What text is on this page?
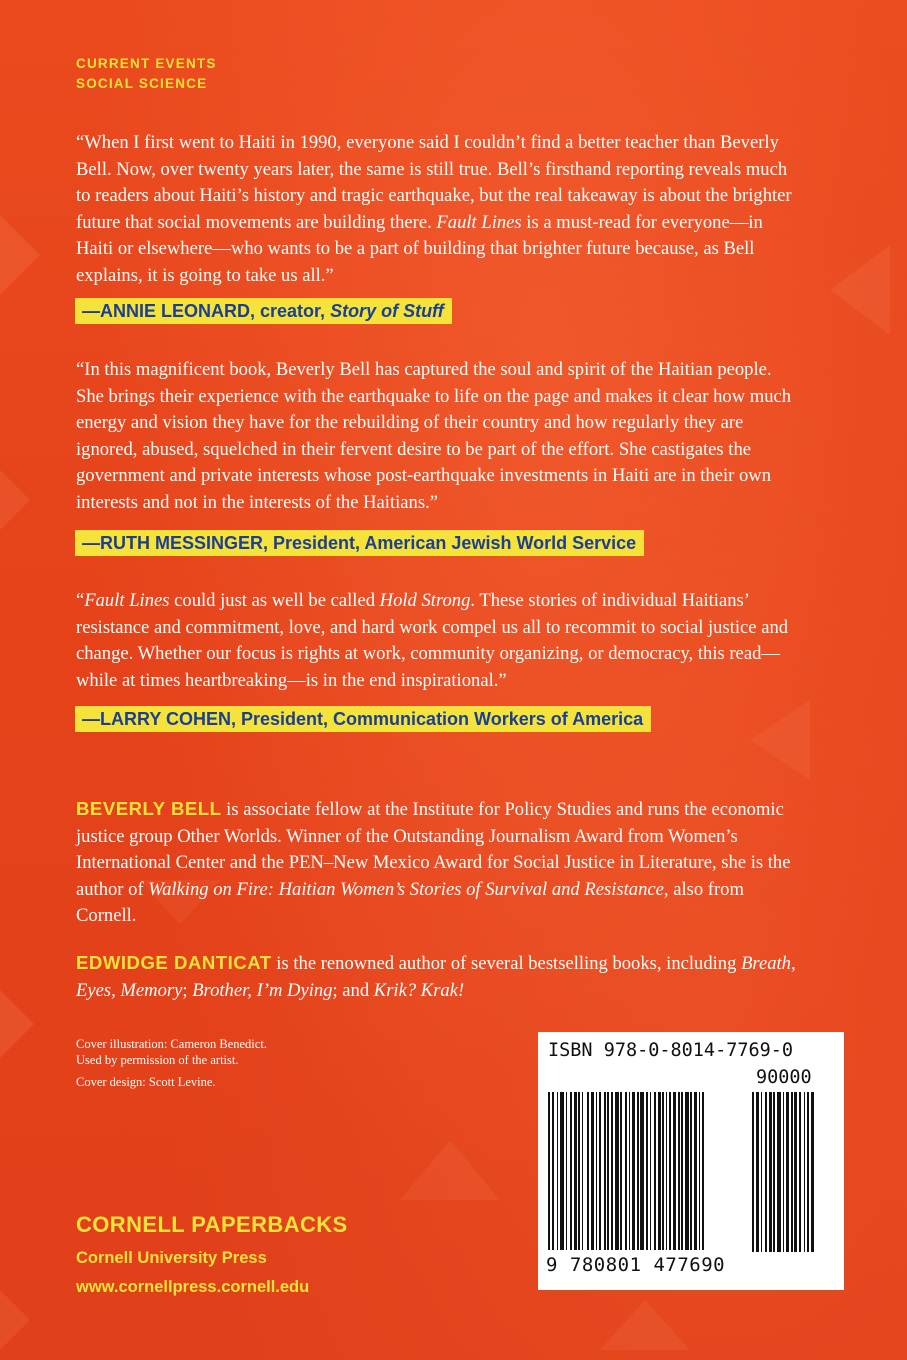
CURRENT EVENTS
SOCIAL SCIENCE

“When I first went to Haiti in 1990, everyone said I couldn’t find a better teacher than Beverly Bell. Now, over twenty years later, the same is still true. Bell’s firsthand reporting reveals much to readers about Haiti’s history and tragic earthquake, but the real takeaway is about the brighter future that social movements are building there. Fault Lines is a must-read for everyone—in Haiti or elsewhere—who wants to be a part of building that brighter future because, as Bell explains, it is going to take us all.”

—ANNIE LEONARD, creator, Story of Stuff

“In this magnificent book, Beverly Bell has captured the soul and spirit of the Haitian people. She brings their experience with the earthquake to life on the page and makes it clear how much energy and vision they have for the rebuilding of their country and how regularly they are ignored, abused, squelched in their fervent desire to be part of the effort. She castigates the government and private interests whose post-earthquake investments in Haiti are in their own interests and not in the interests of the Haitians.”

—RUTH MESSINGER, President, American Jewish World Service

“Fault Lines could just as well be called Hold Strong. These stories of individual Haitians’ resistance and commitment, love, and hard work compel us all to recommit to social justice and change. Whether our focus is rights at work, community organizing, or democracy, this read—while at times heartbreaking—is in the end inspirational.”

—LARRY COHEN, President, Communication Workers of America

BEVERLY BELL is associate fellow at the Institute for Policy Studies and runs the economic justice group Other Worlds. Winner of the Outstanding Journalism Award from Women’s International Center and the PEN–New Mexico Award for Social Justice in Literature, she is the author of Walking on Fire: Haitian Women’s Stories of Survival and Resistance, also from Cornell.

EDWIDGE DANTICAT is the renowned author of several bestselling books, including Breath, Eyes, Memory; Brother, I’m Dying; and Krik? Krak!

Cover illustration: Cameron Benedict.
Used by permission of the artist.
Cover design: Scott Levine.
CORNELL PAPERBACKS
Cornell University Press
www.cornellpress.cornell.edu
ISBN 978-0-8014-7769-0
90000
9 780801 477690
